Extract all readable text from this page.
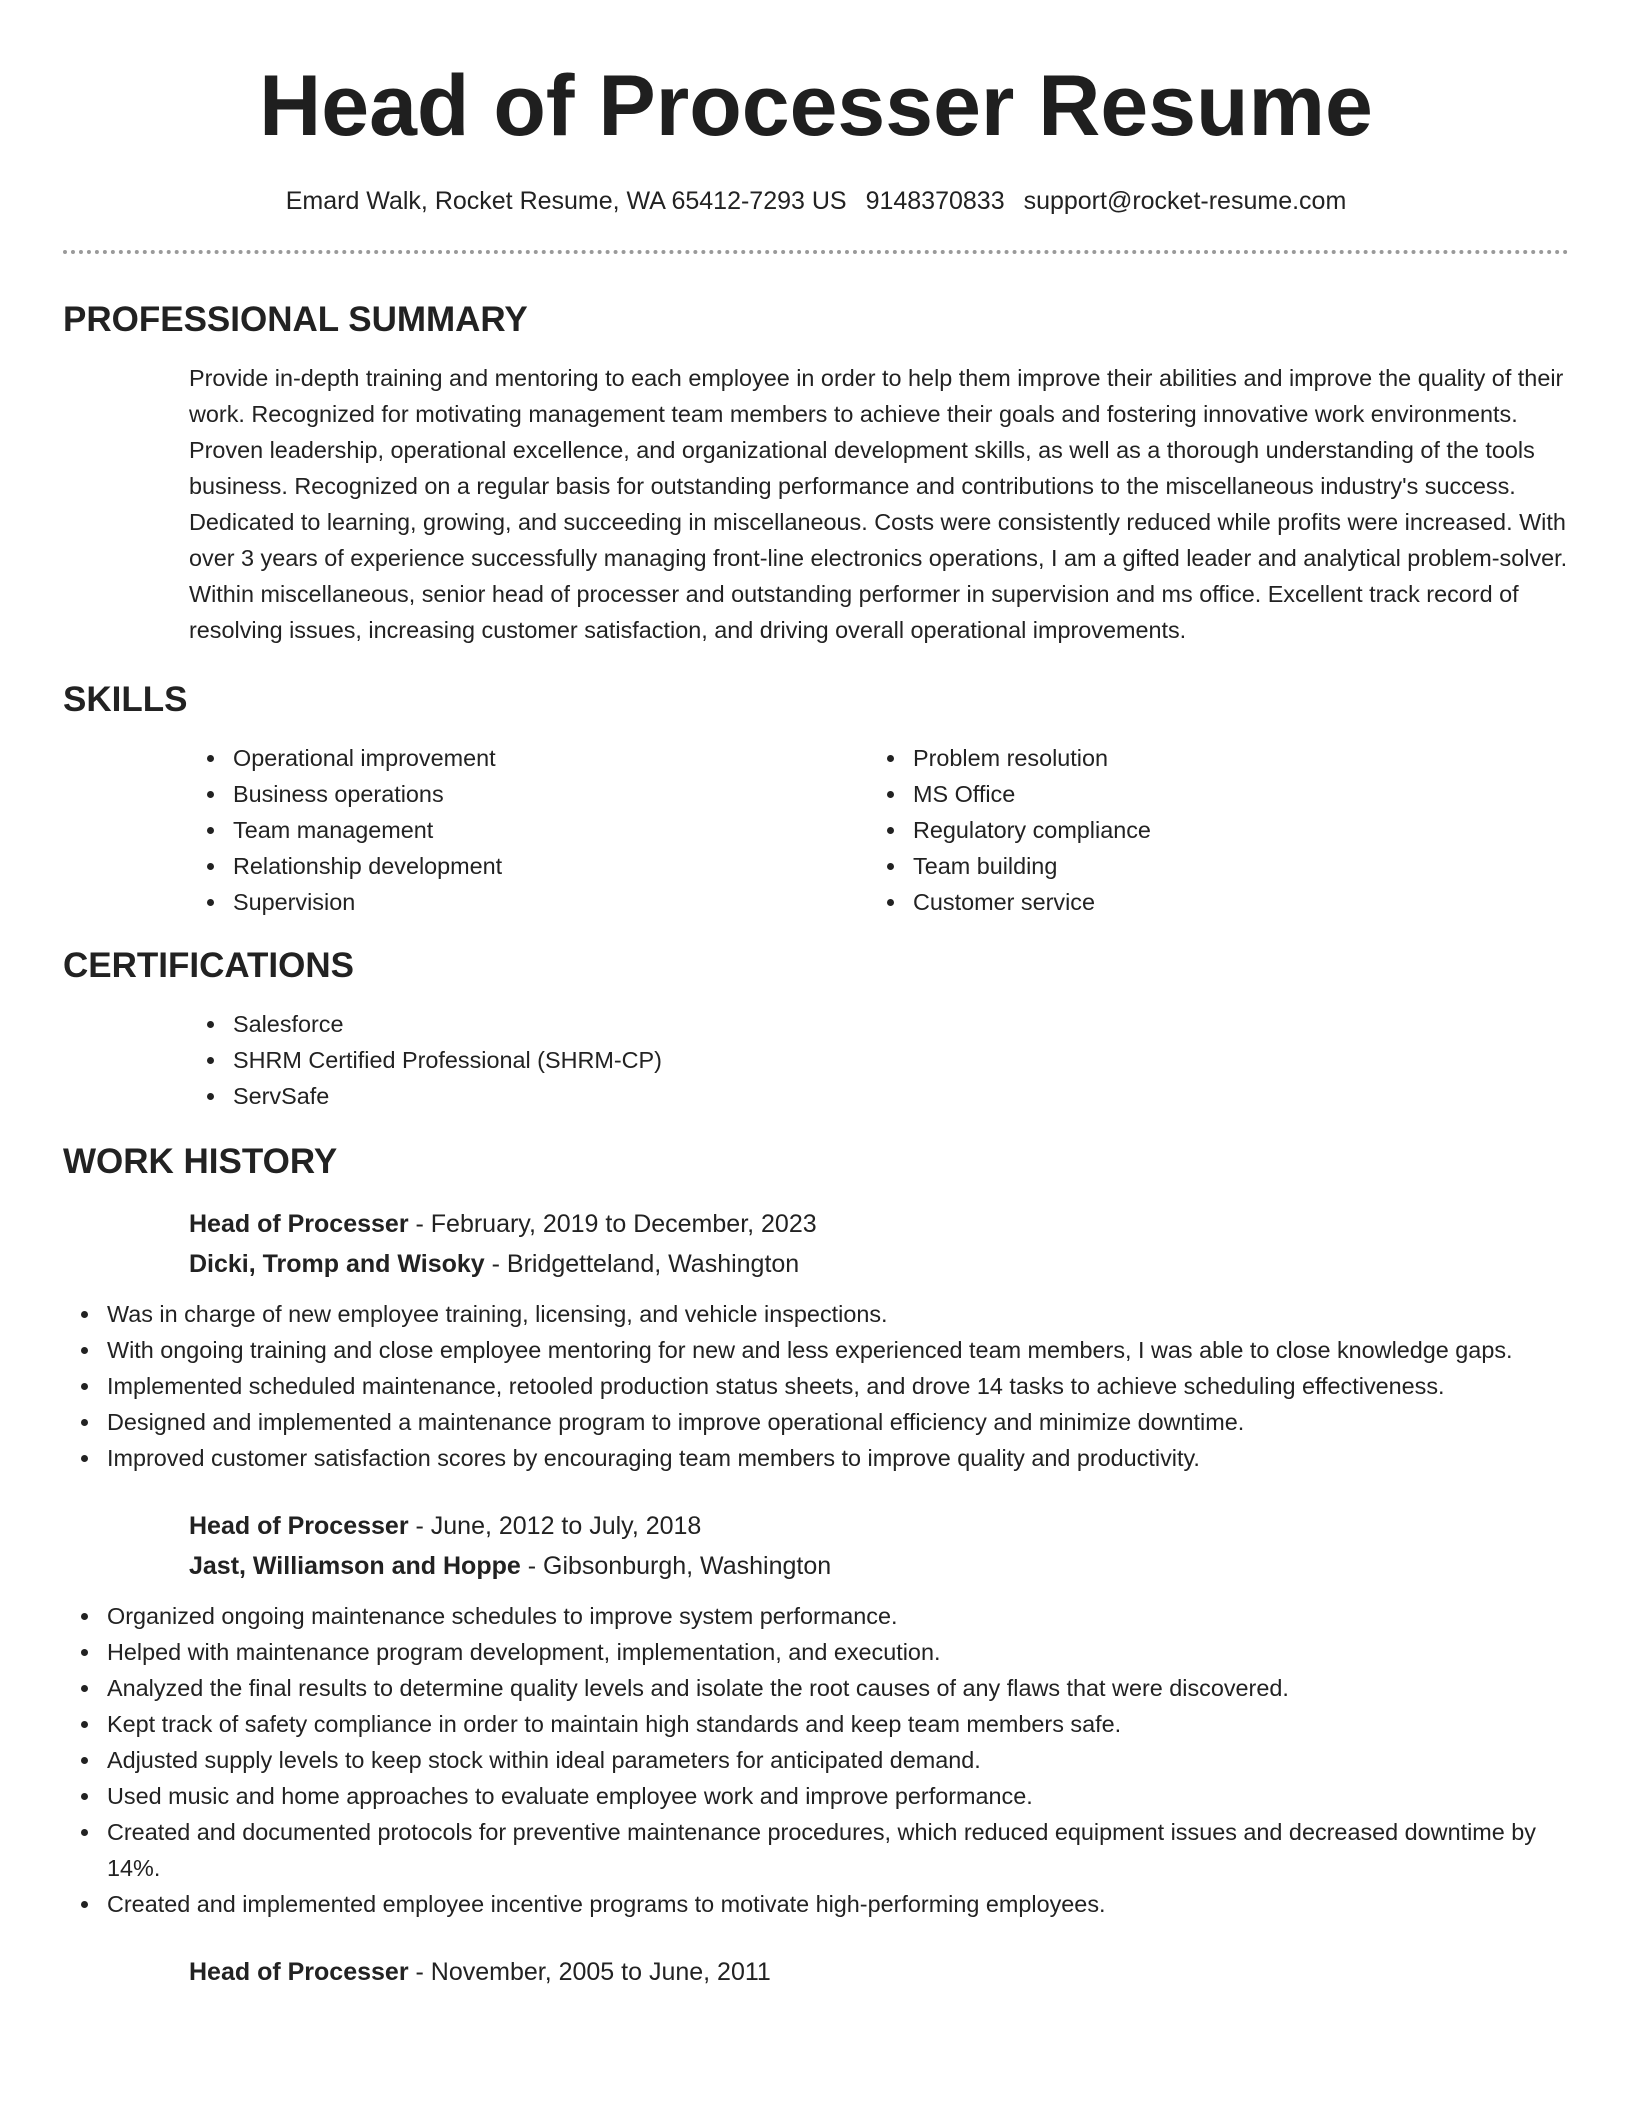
Head of Processer Resume
Emard Walk, Rocket Resume, WA 65412-7293 US 9148370833 support@rocket-resume.com
PROFESSIONAL SUMMARY

Provide in-depth training and mentoring to each employee in order to help them improve their abilities and improve the quality of their work. Recognized for motivating management team members to achieve their goals and fostering innovative work environments. Proven leadership, operational excellence, and organizational development skills, as well as a thorough understanding of the tools business. Recognized on a regular basis for outstanding performance and contributions to the miscellaneous industry's success. Dedicated to learning, growing, and succeeding in miscellaneous. Costs were consistently reduced while profits were increased. With over 3 years of experience successfully managing front-line electronics operations, I am a gifted leader and analytical problem-solver. Within miscellaneous, senior head of processer and outstanding performer in supervision and ms office. Excellent track record of resolving issues, increasing customer satisfaction, and driving overall operational improvements.

SKILLS
Operational improvement
Business operations
Team management
Relationship development
Supervision
Problem resolution
MS Office
Regulatory compliance
Team building
Customer service
CERTIFICATIONS
Salesforce
SHRM Certified Professional (SHRM-CP)
ServSafe
WORK HISTORY
Head of Processer - February, 2019 to December, 2023
Dicki, Tromp and Wisoky - Bridgetteland, Washington
Was in charge of new employee training, licensing, and vehicle inspections.
With ongoing training and close employee mentoring for new and less experienced team members, I was able to close knowledge gaps.
Implemented scheduled maintenance, retooled production status sheets, and drove 14 tasks to achieve scheduling effectiveness.
Designed and implemented a maintenance program to improve operational efficiency and minimize downtime.
Improved customer satisfaction scores by encouraging team members to improve quality and productivity.
Head of Processer - June, 2012 to July, 2018
Jast, Williamson and Hoppe - Gibsonburgh, Washington
Organized ongoing maintenance schedules to improve system performance.
Helped with maintenance program development, implementation, and execution.
Analyzed the final results to determine quality levels and isolate the root causes of any flaws that were discovered.
Kept track of safety compliance in order to maintain high standards and keep team members safe.
Adjusted supply levels to keep stock within ideal parameters for anticipated demand.
Used music and home approaches to evaluate employee work and improve performance.
Created and documented protocols for preventive maintenance procedures, which reduced equipment issues and decreased downtime by 14%.
Created and implemented employee incentive programs to motivate high-performing employees.
Head of Processer - November, 2005 to June, 2011
